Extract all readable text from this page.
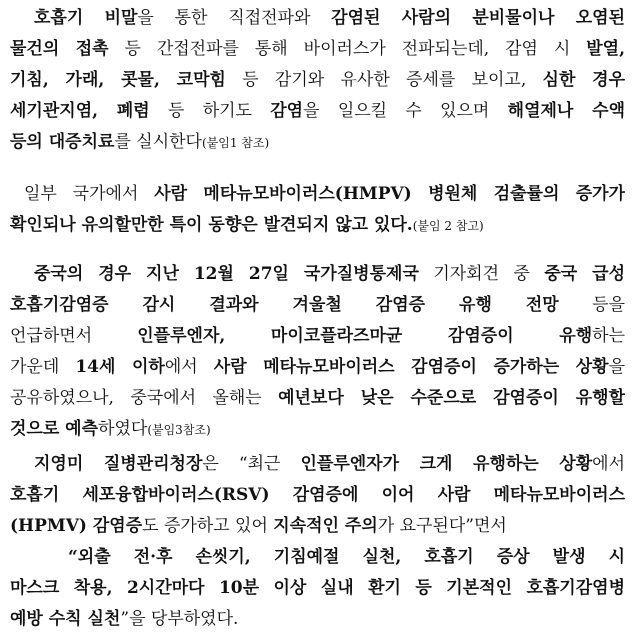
호흡기 비말을 통한 직접전파와 감염된 사람의 분비물이나 오염된
물건의 접촉 등 간접전파를 통해 바이러스가 전파되는데, 감염 시 발열,
기침, 가래, 콧물, 코막힘 등 감기와 유사한 증세를 보이고, 심한 경우
세기관지염, 폐렴 등 하기도 감염을 일으킬 수 있으며 해열제나 수액
등의 대증치료를 실시한다(붙임1 참조)
일부 국가에서 사람 메타뉴모바이러스(HMPV) 병원체 검출률의 증가가
확인되나 유의할만한 특이 동향은 발견되지 않고 있다.(붙임 2 참고)
중국의 경우 지난 12월 27일 국가질병통제국 기자회견 중 중국 급성
호흡기감염증 감시 결과와 겨울철 감염증 유행 전망 등을
언급하면서 인플루엔자, 마이코플라즈마균 감염증이 유행하는
가운데 14세 이하에서 사람 메타뉴모바이러스 감염증이 증가하는 상황을
공유하였으나, 중국에서 올해는 예년보다 낮은 수준으로 감염증이 유행할
것으로 예측하였다(붙임3참조)
지영미 질병관리청장은 “최근 인플루엔자가 크게 유행하는 상황에서
호흡기 세포융합바이러스(RSV) 감염증에 이어 사람 메타뉴모바이러스
(HPMV) 감염증도 증가하고 있어 지속적인 주의가 요구된다”면서
“외출 전·후 손씻기, 기침예절 실천, 호흡기 증상 발생 시
마스크 착용, 2시간마다 10분 이상 실내 환기 등 기본적인 호흡기감염병
예방 수칙 실천”을 당부하였다.
